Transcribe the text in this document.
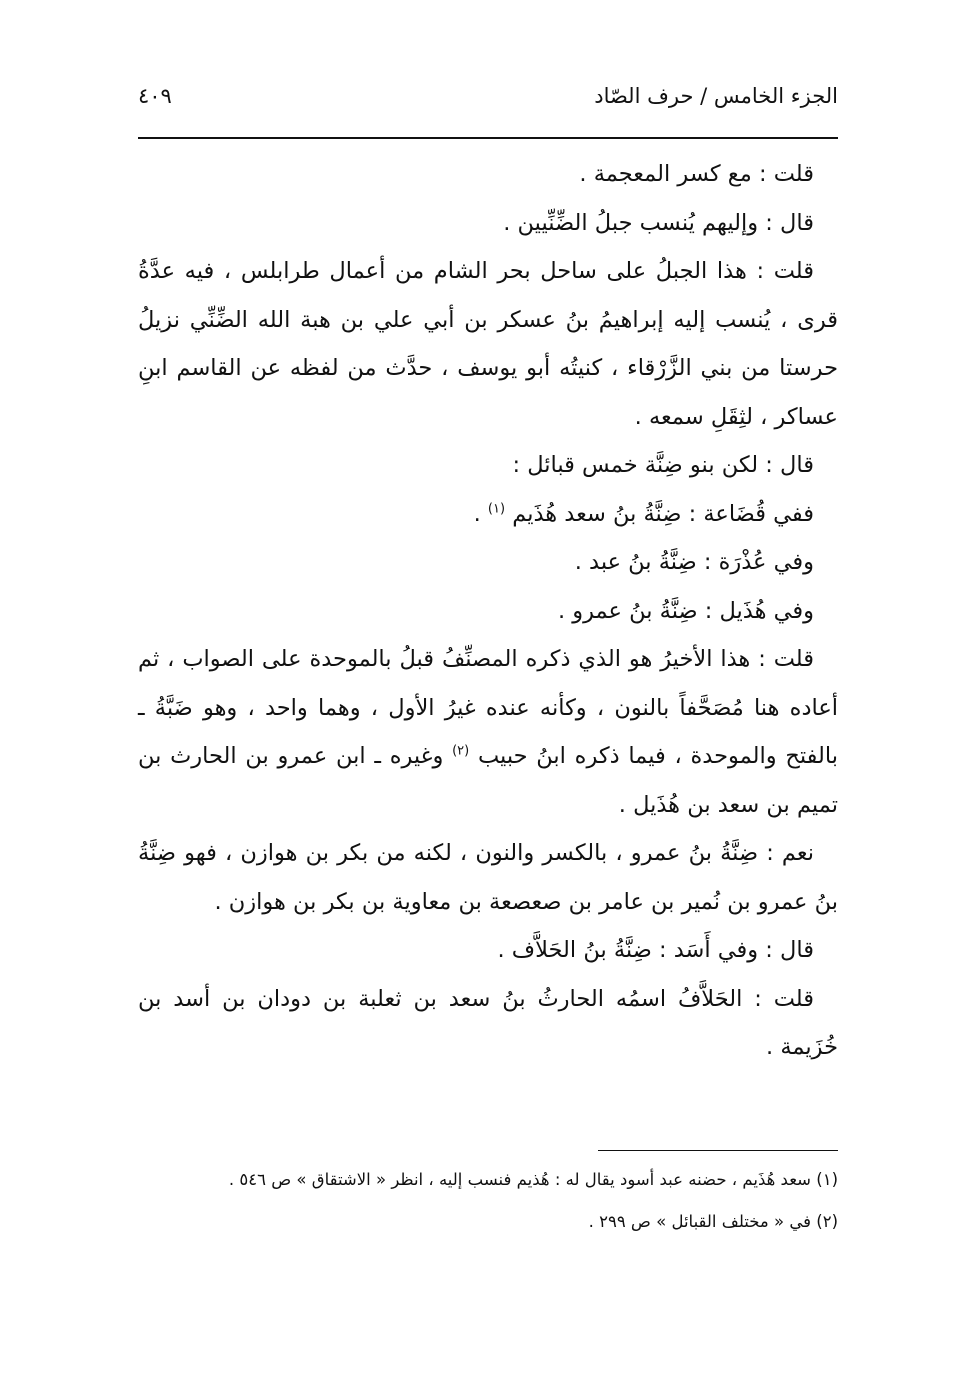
الجزء الخامس / حرف الصّاد
٤٠٩

قلت : مع كسر المعجمة .

قال : وإليهم يُنسب جبلُ الضِّنِّيين .

قلت : هذا الجبلُ على ساحل بحر الشام من أعمال طرابلس ، فيه عدَّةُ قرى ، يُنسب إليه إبراهيمُ بنُ عسكر بن أبي علي بن هبة الله الضِّنِّي نزيلُ حرستا من بني الزَّرْقاء ، كنيتُه أبو يوسف ، حدَّث من لفظه عن القاسم ابنِ عساكر ، لثِقَلِ سمعه .

قال : لكن بنو ضِنَّة خمس قبائل :

ففي قُضَاعة : ضِنَّةُ بنُ سعد هُذَيم $^{(١)}$ .

وفي عُذْرَة : ضِنَّةُ بنُ عبد .

وفي هُذَيل : ضِنَّةُ بنُ عمرو .

قلت : هذا الأخيرُ هو الذي ذكره المصنِّفُ قبلُ بالموحدة على الصواب ، ثم أعاده هنا مُصَحَّفاً بالنون ، وكأنه عنده غيرُ الأول ، وهما واحد ، وهو ضَبَّةُ ـ بالفتح والموحدة ، فيما ذكره ابنُ حبيب $^{(٢)}$ وغيره ـ ابن عمرو بن الحارث بن تميم بن سعد بن هُذَيل .

نعم : ضِنَّةُ بنُ عمرو ، بالكسر والنون ، لكنه من بكر بن هوازن ، فهو ضِنَّةُ بنُ عمرو بن نُمير بن عامر بن صعصعة بن معاوية بن بكر بن هوازن .

قال : وفي أَسَد : ضِنَّةُ بنُ الحَلاَّف .

قلت : الحَلاَّفُ اسمُه الحارثُ بنُ سعد بن ثعلبة بن دودان بن أسد بن خُزَيمة .

(١) سعد هُذَيم ، حضنه عبد أسود يقال له : هُذيم فنسب إليه ، انظر « الاشتقاق » ص ٥٤٦ .

(٢) في « مختلف القبائل » ص ٢٩٩ .
